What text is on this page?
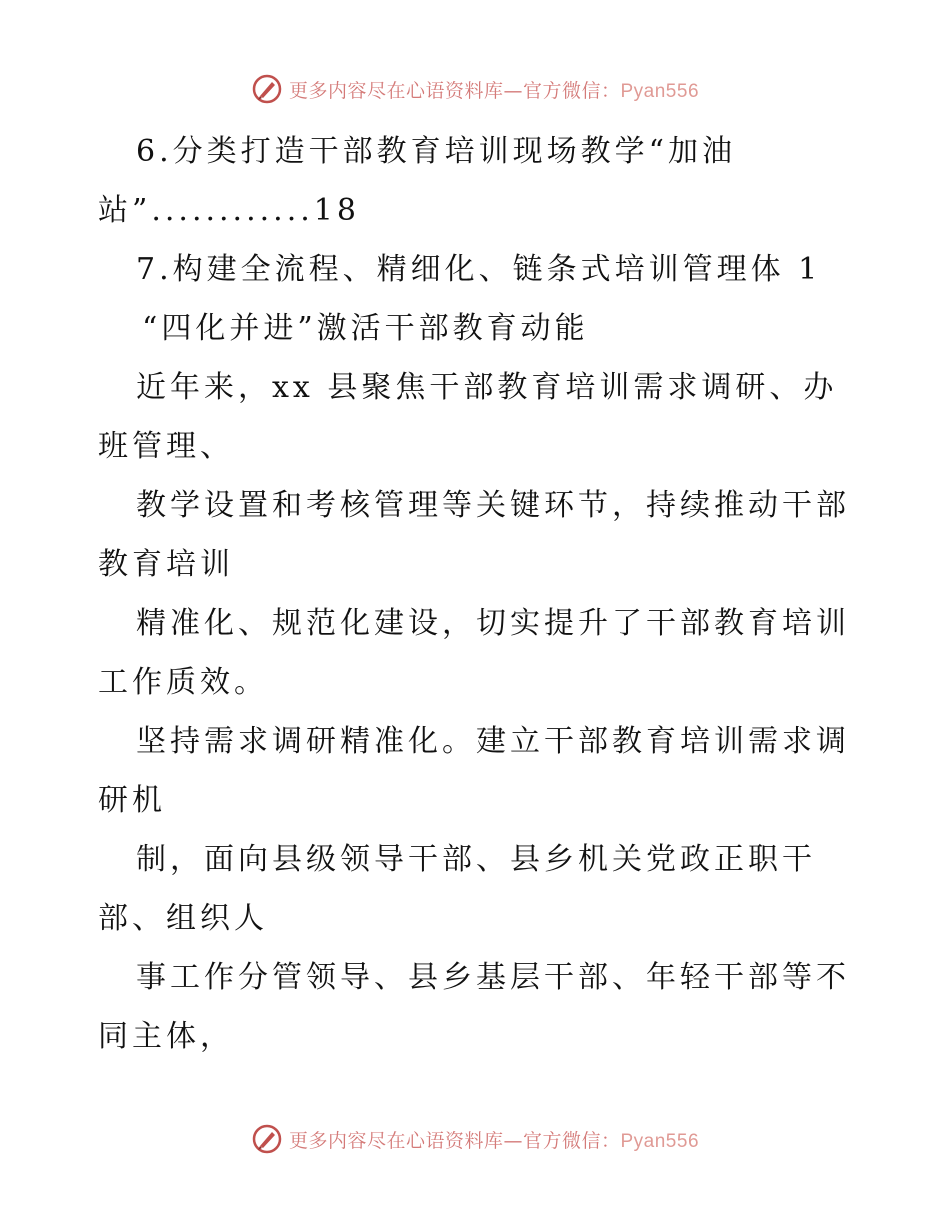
更多内容尽在心语资料库—官方微信：Pyan556
6.分类打造干部教育培训现场教学“加油
站”............18
7.构建全流程、精细化、链条式培训管理体 1
“四化并进”激活干部教育动能
近年来，xx 县聚焦干部教育培训需求调研、办
班管理、
教学设置和考核管理等关键环节，持续推动干部
教育培训
精准化、规范化建设，切实提升了干部教育培训
工作质效。
坚持需求调研精准化。建立干部教育培训需求调
研机
制，面向县级领导干部、县乡机关党政正职干
部、组织人
事工作分管领导、县乡基层干部、年轻干部等不
同主体，
更多内容尽在心语资料库—官方微信：Pyan556
